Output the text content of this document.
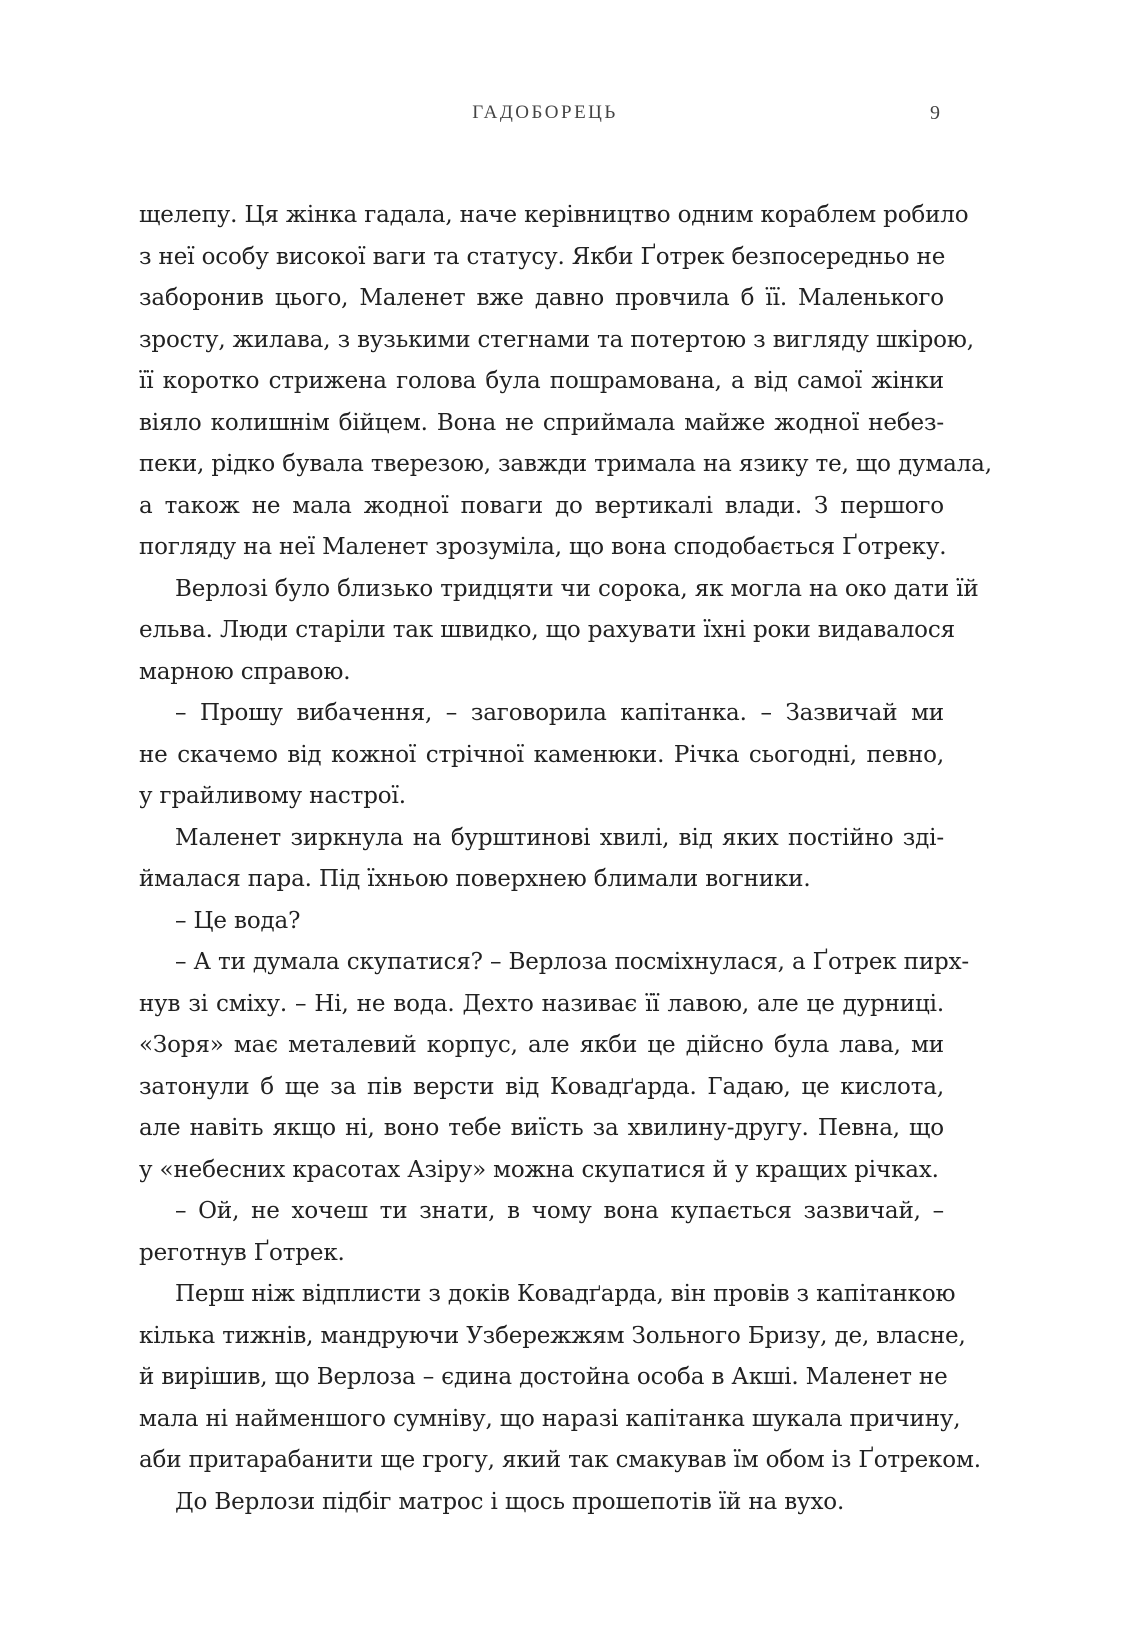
ГАДОБОРЕЦЬ	9
щелепу. Ця жінка гадала, наче керівництво одним кораблем робило
з неї особу високої ваги та статусу. Якби Ґотрек безпосередньо не
заборонив цього, Маленет вже давно провчила б її. Маленького
зросту, жилава, з вузькими стегнами та потертою з вигляду шкірою,
її коротко стрижена голова була пошрамована, а від самої жінки
віяло колишнім бійцем. Вона не сприймала майже жодної небез-
пеки, рідко бувала тверезою, завжди тримала на язику те, що думала,
а також не мала жодної поваги до вертикалі влади. З першого
погляду на неї Маленет зрозуміла, що вона сподобається Ґотреку.
Верлозі було близько тридцяти чи сорока, як могла на око дати їй
ельва. Люди старіли так швидко, що рахувати їхні роки видавалося
марною справою.
– Прошу вибачення, – заговорила капітанка. – Зазвичай ми
не скачемо від кожної стрічної каменюки. Річка сьогодні, певно,
у грайливому настрої.
Маленет зиркнула на бурштинові хвилі, від яких постійно зді-
ймалася пара. Під їхньою поверхнею блимали вогники.
– Це вода?
– А ти думала скупатися? – Верлоза посміхнулася, а Ґотрек пирх-
нув зі сміху. – Ні, не вода. Дехто називає її лавою, але це дурниці.
«Зоря» має металевий корпус, але якби це дійсно була лава, ми
затонули б ще за пів версти від Ковадґарда. Гадаю, це кислота,
але навіть якщо ні, воно тебе виїсть за хвилину-другу. Певна, що
у «небесних красотах Азіру» можна скупатися й у кращих річках.
– Ой, не хочеш ти знати, в чому вона купається зазвичай, –
реготнув Ґотрек.
Перш ніж відплисти з доків Ковадґарда, він провів з капітанкою
кілька тижнів, мандруючи Узбережжям Зольного Бризу, де, власне,
й вирішив, що Верлоза – єдина достойна особа в Акші. Маленет не
мала ні найменшого сумніву, що наразі капітанка шукала причину,
аби притарабанити ще грогу, який так смакував їм обом із Ґотреком.
До Верлози підбіг матрос і щось прошепотів їй на вухо.
